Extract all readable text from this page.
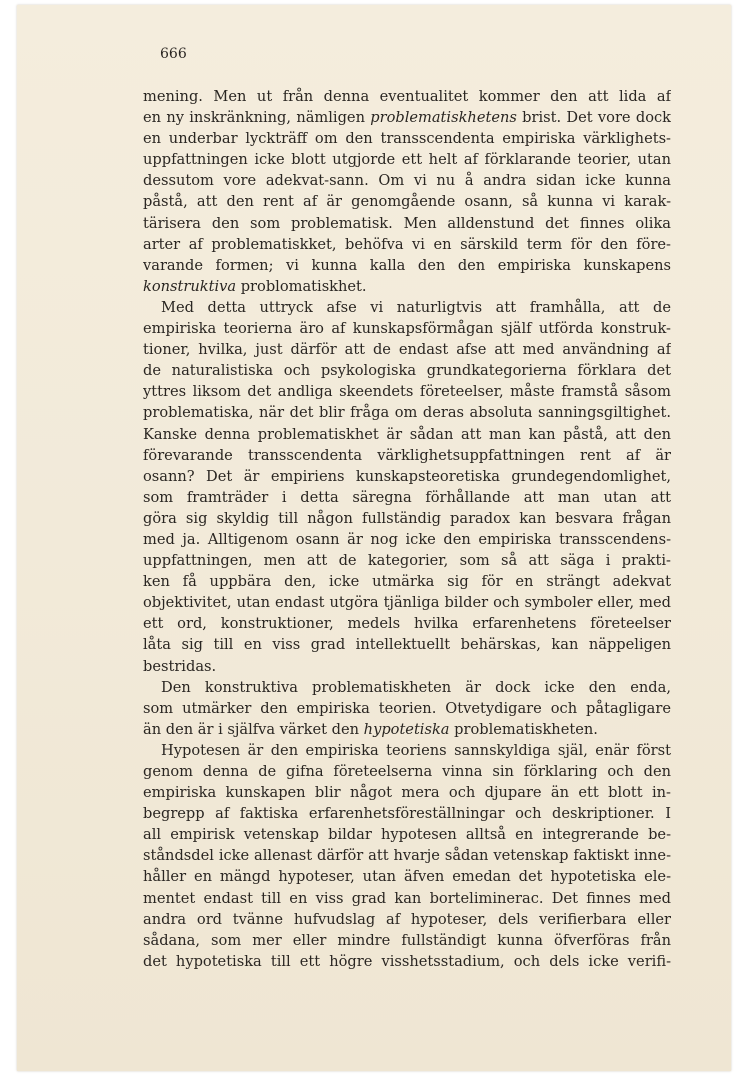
666
mening. Men ut från denna eventualitet kommer den att lida af
en ny inskränkning, nämligen problematiskhetens brist. Det vore dock
en underbar lyckträff om den transscendenta empiriska värklighets-
uppfattningen icke blott utgjorde ett helt af förklarande teorier, utan
dessutom vore adekvat-sann. Om vi nu å andra sidan icke kunna
påstå, att den rent af är genomgående osann, så kunna vi karak-
tärisera den som problematisk. Men alldenstund det finnes olika
arter af problematiskket, behöfva vi en särskild term för den före-
varande formen; vi kunna kalla den den empiriska kunskapens
konstruktiva problomatiskhet.
Med detta uttryck afse vi naturligtvis att framhålla, att de
empiriska teorierna äro af kunskapsförmågan själf utförda konstruk-
tioner, hvilka, just därför att de endast afse att med användning af
de naturalistiska och psykologiska grundkategorierna förklara det
yttres liksom det andliga skeendets företeelser, måste framstå såsom
problematiska, när det blir fråga om deras absoluta sanningsgiltighet.
Kanske denna problematiskhet är sådan att man kan påstå, att den
förevarande transscendenta värklighetsuppfattningen rent af är
osann? Det är empiriens kunskapsteoretiska grundegendomlighet,
som framträder i detta säregna förhållande att man utan att
göra sig skyldig till någon fullständig paradox kan besvara frågan
med ja. Alltigenom osann är nog icke den empiriska transscendens-
uppfattningen, men att de kategorier, som så att säga i prakti-
ken få uppbära den, icke utmärka sig för en strängt adekvat
objektivitet, utan endast utgöra tjänliga bilder och symboler eller, med
ett ord, konstruktioner, medels hvilka erfarenhetens företeelser
låta sig till en viss grad intellektuellt behärskas, kan näppeligen
bestridas.
Den konstruktiva problematiskheten är dock icke den enda,
som utmärker den empiriska teorien. Otvetydigare och påtagligare
än den är i själfva värket den hypotetiska problematiskheten.
Hypotesen är den empiriska teoriens sannskyldiga själ, enär först
genom denna de gifna företeelserna vinna sin förklaring och den
empiriska kunskapen blir något mera och djupare än ett blott in-
begrepp af faktiska erfarenhetsföreställningar och deskriptioner. I
all empirisk vetenskap bildar hypotesen alltså en integrerande be-
ståndsdel icke allenast därför att hvarje sådan vetenskap faktiskt inne-
håller en mängd hypoteser, utan äfven emedan det hypotetiska ele-
mentet endast till en viss grad kan borteliminerас. Det finnes med
andra ord tvänne hufvudslag af hypoteser, dels verifierbara eller
sådana, som mer eller mindre fullständigt kunna öfverföras från
det hypotetiska till ett högre visshetsstadium, och dels icke verifi-
